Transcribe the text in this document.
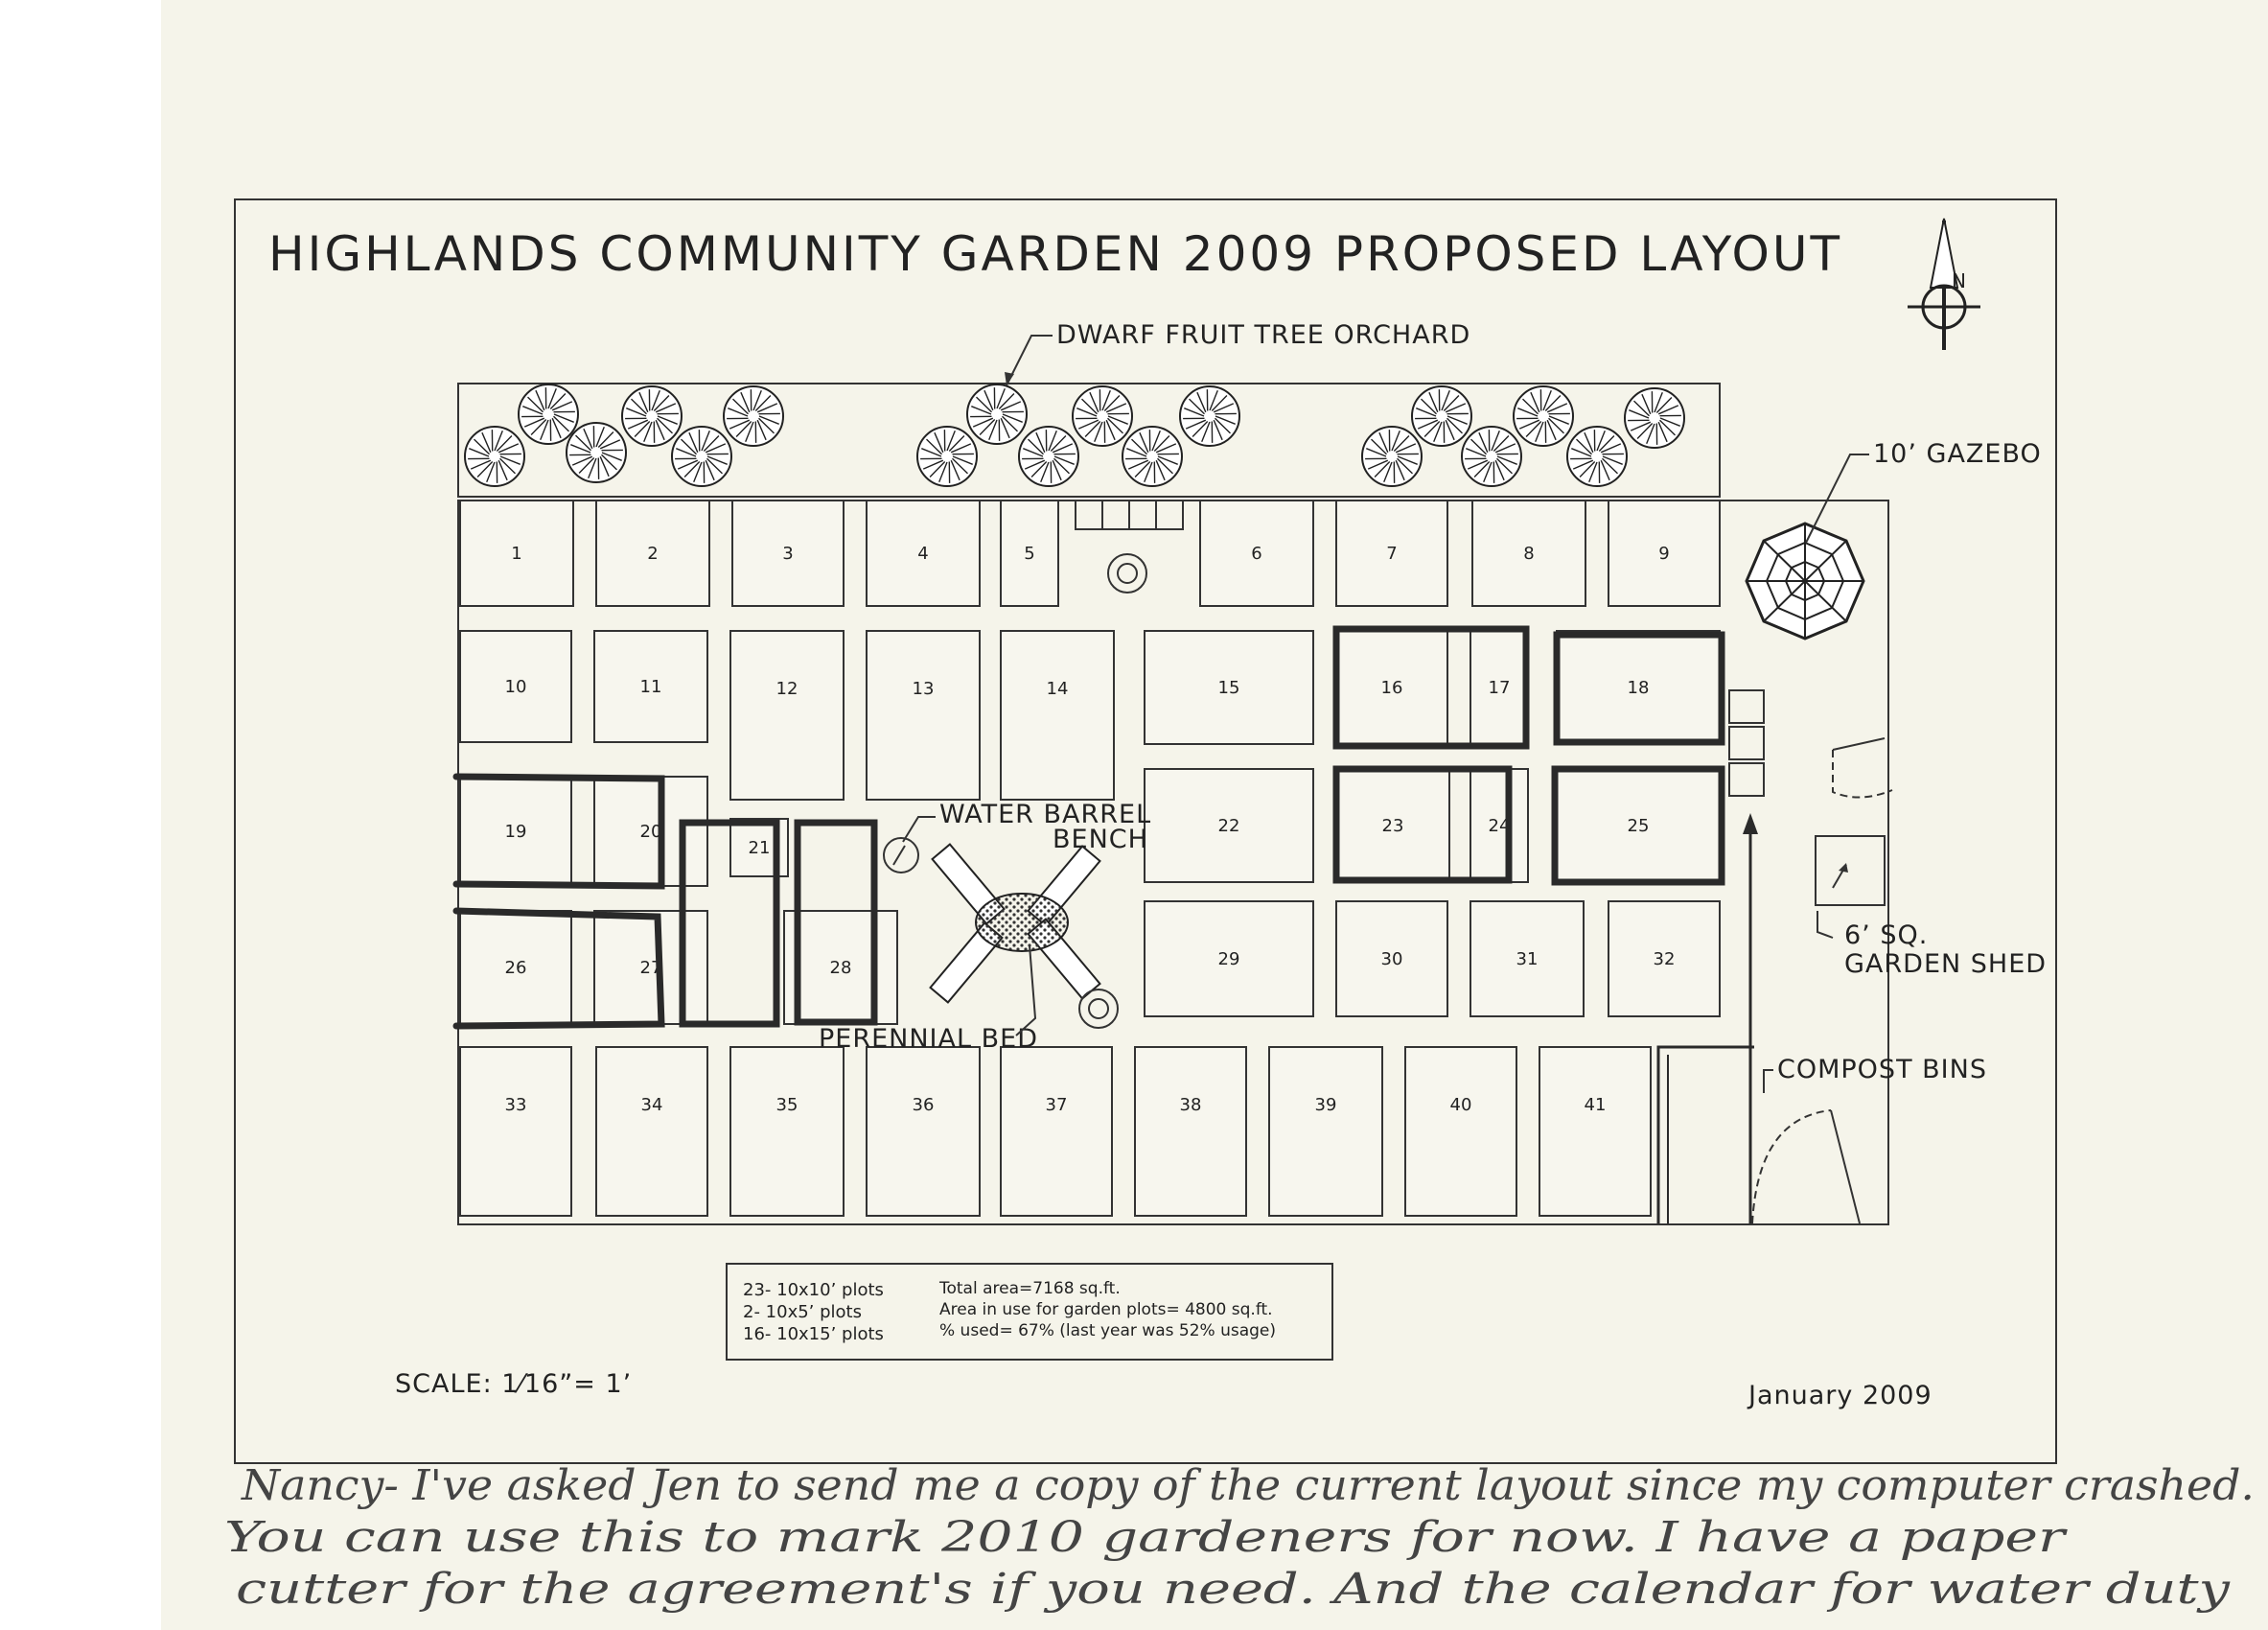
HIGHLANDS COMMUNITY GARDEN 2009 PROPOSED LAYOUT	N
DWARF FRUIT TREE ORCHARD
1	2	3	4	5	6	7	8	9
10	11	12	13	14	15	16	17	18
19	20
21
22	23	24	25
26	27	28	29	30	31	32
33	34	35	36	37	38	39	40	41
10’ GAZEBO
WATER BARREL
BENCH
PERENNIAL BED
6’ SQ.
GARDEN SHED
COMPOST BINS
23- 10x10’ plots
2- 10x5’ plots
16- 10x15’ plots
Total area=7168 sq.ft.
Area in use for garden plots= 4800 sq.ft.
% used= 67% (last year was 52% usage)
SCALE: 1⁄16”= 1’	January 2009
Nancy- I've asked Jen to send me a copy of the current layout since my computer crashed.
You can use this to mark 2010 gardeners for now. I have a paper
cutter for the agreement's if you need. And the calendar for water duty
